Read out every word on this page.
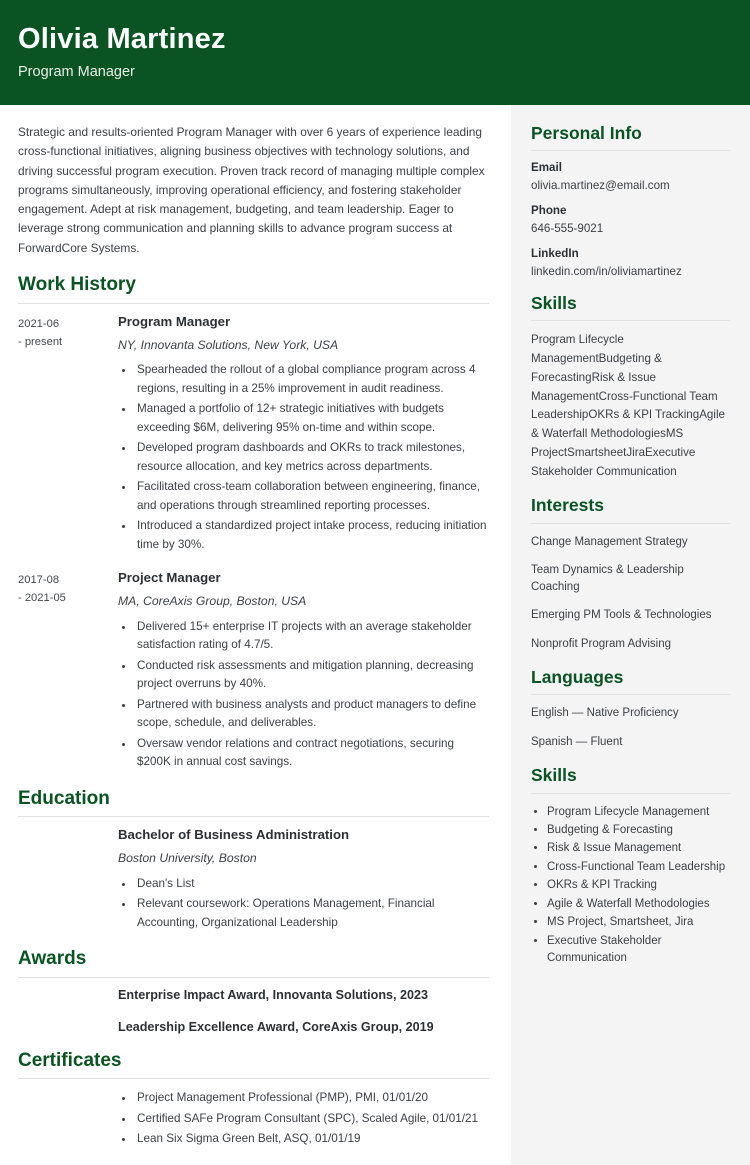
Olivia Martinez
Program Manager

Strategic and results-oriented Program Manager with over 6 years of experience leading cross-functional initiatives, aligning business objectives with technology solutions, and driving successful program execution. Proven track record of managing multiple complex programs simultaneously, improving operational efficiency, and fostering stakeholder engagement. Adept at risk management, budgeting, and team leadership. Eager to leverage strong communication and planning skills to advance program success at ForwardCore Systems.

Work History
2021-06
- present
Program Manager
NY, Innovanta Solutions, New York, USA
• Spearheaded the rollout of a global compliance program across 4 regions, resulting in a 25% improvement in audit readiness.
• Managed a portfolio of 12+ strategic initiatives with budgets exceeding $6M, delivering 95% on-time and within scope.
• Developed program dashboards and OKRs to track milestones, resource allocation, and key metrics across departments.
• Facilitated cross-team collaboration between engineering, finance, and operations through streamlined reporting processes.
• Introduced a standardized project intake process, reducing initiation time by 30%.
2017-08
- 2021-05
Project Manager
MA, CoreAxis Group, Boston, USA
• Delivered 15+ enterprise IT projects with an average stakeholder satisfaction rating of 4.7/5.
• Conducted risk assessments and mitigation planning, decreasing project overruns by 40%.
• Partnered with business analysts and product managers to define scope, schedule, and deliverables.
• Oversaw vendor relations and contract negotiations, securing $200K in annual cost savings.
Education
Bachelor of Business Administration
Boston University, Boston
• Dean's List
• Relevant coursework: Operations Management, Financial Accounting, Organizational Leadership
Awards
Enterprise Impact Award, Innovanta Solutions, 2023
Leadership Excellence Award, CoreAxis Group, 2019
Certificates
• Project Management Professional (PMP), PMI, 01/01/20
• Certified SAFe Program Consultant (SPC), Scaled Agile, 01/01/21
• Lean Six Sigma Green Belt, ASQ, 01/01/19
Personal Info
Email
olivia.martinez@email.com
Phone
646-555-9021
LinkedIn
linkedin.com/in/oliviamartinez
Skills

Program Lifecycle ManagementBudgeting & ForecastingRisk & Issue ManagementCross-Functional Team LeadershipOKRs & KPI TrackingAgile & Waterfall MethodologiesMS ProjectSmartsheetJiraExecutive Stakeholder Communication

Interests

Change Management Strategy

Team Dynamics & Leadership Coaching

Emerging PM Tools & Technologies

Nonprofit Program Advising

Languages

English — Native Proficiency

Spanish — Fluent

Skills
• Program Lifecycle Management
• Budgeting & Forecasting
• Risk & Issue Management
• Cross-Functional Team Leadership
• OKRs & KPI Tracking
• Agile & Waterfall Methodologies
• MS Project, Smartsheet, Jira
• Executive Stakeholder Communication
